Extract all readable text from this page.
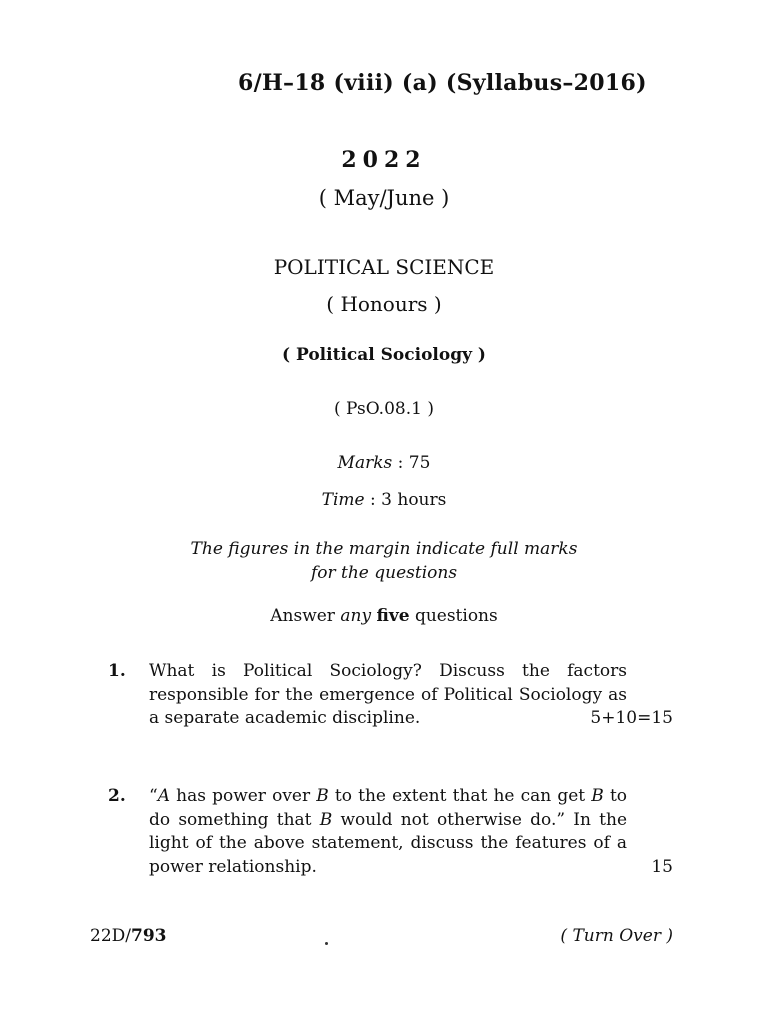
6/H–18 (viii) (a) (Syllabus–2016)
2022
( May/June )
POLITICAL SCIENCE
( Honours )
( Political Sociology )
( PsO.08.1 )
Marks : 75
Time : 3 hours
The figures in the margin indicate full marks
for the questions
Answer any five questions
1. What is Political Sociology? Discuss the factors responsible for the emergence of Political Sociology as a separate academic discipline.	5+10=15
2. “A has power over B to the extent that he can get B to do something that B would not otherwise do.” In the light of the above statement, discuss the features of a power relationship.	15
22D/793	( Turn Over )
